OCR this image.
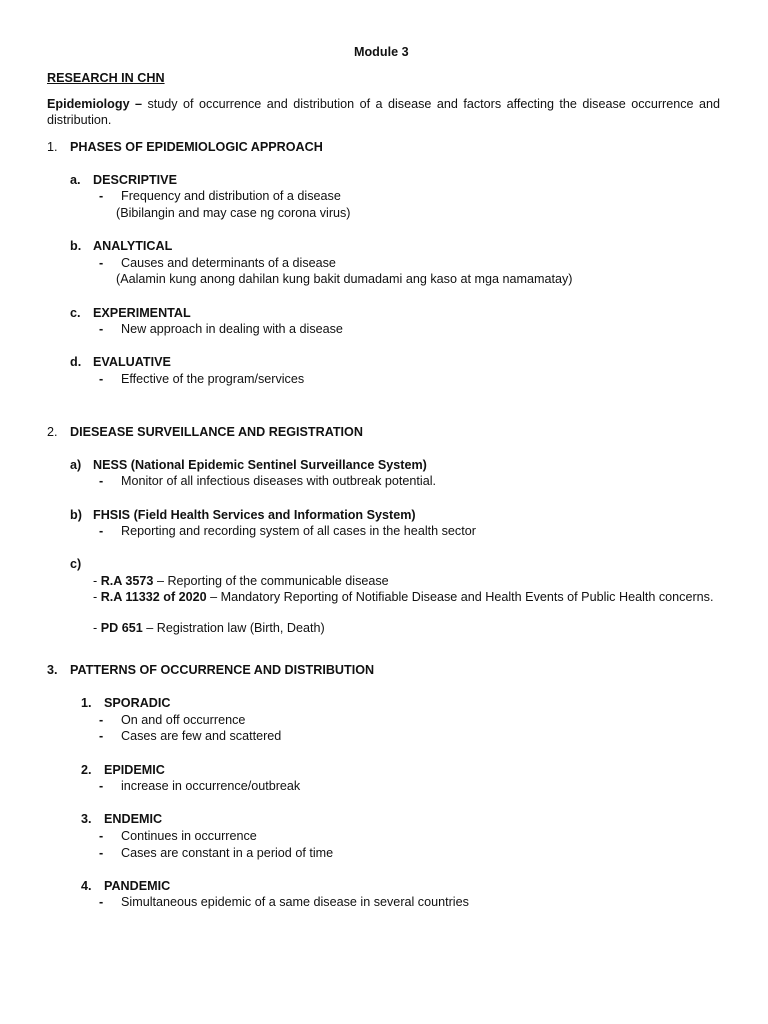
Module 3
RESEARCH IN CHN
Epidemiology – study of occurrence and distribution of a disease and factors affecting the disease occurrence and distribution.
1. PHASES OF EPIDEMIOLOGIC APPROACH
a. DESCRIPTIVE
- Frequency and distribution of a disease
(Bibilangin and may case ng corona virus)
b. ANALYTICAL
- Causes and determinants of a disease
(Aalamin kung anong dahilan kung bakit dumadami ang kaso at mga namamatay)
c. EXPERIMENTAL
- New approach in dealing with a disease
d. EVALUATIVE
- Effective of the program/services
2. DIESEASE SURVEILLANCE AND REGISTRATION
a) NESS (National Epidemic Sentinel Surveillance System)
- Monitor of all infectious diseases with outbreak potential.
b) FHSIS (Field Health Services and Information System)
- Reporting and recording system of all cases in the health sector
c)
- R.A 3573 – Reporting of the communicable disease
- R.A 11332 of 2020 – Mandatory Reporting of Notifiable Disease and Health Events of Public Health concerns.
- PD 651 – Registration law (Birth, Death)
3. PATTERNS OF OCCURRENCE AND DISTRIBUTION
1. SPORADIC
- On and off occurrence
- Cases are few and scattered
2. EPIDEMIC
- increase in occurrence/outbreak
3. ENDEMIC
- Continues in occurrence
- Cases are constant in a period of time
4. PANDEMIC
- Simultaneous epidemic of a same disease in several countries
